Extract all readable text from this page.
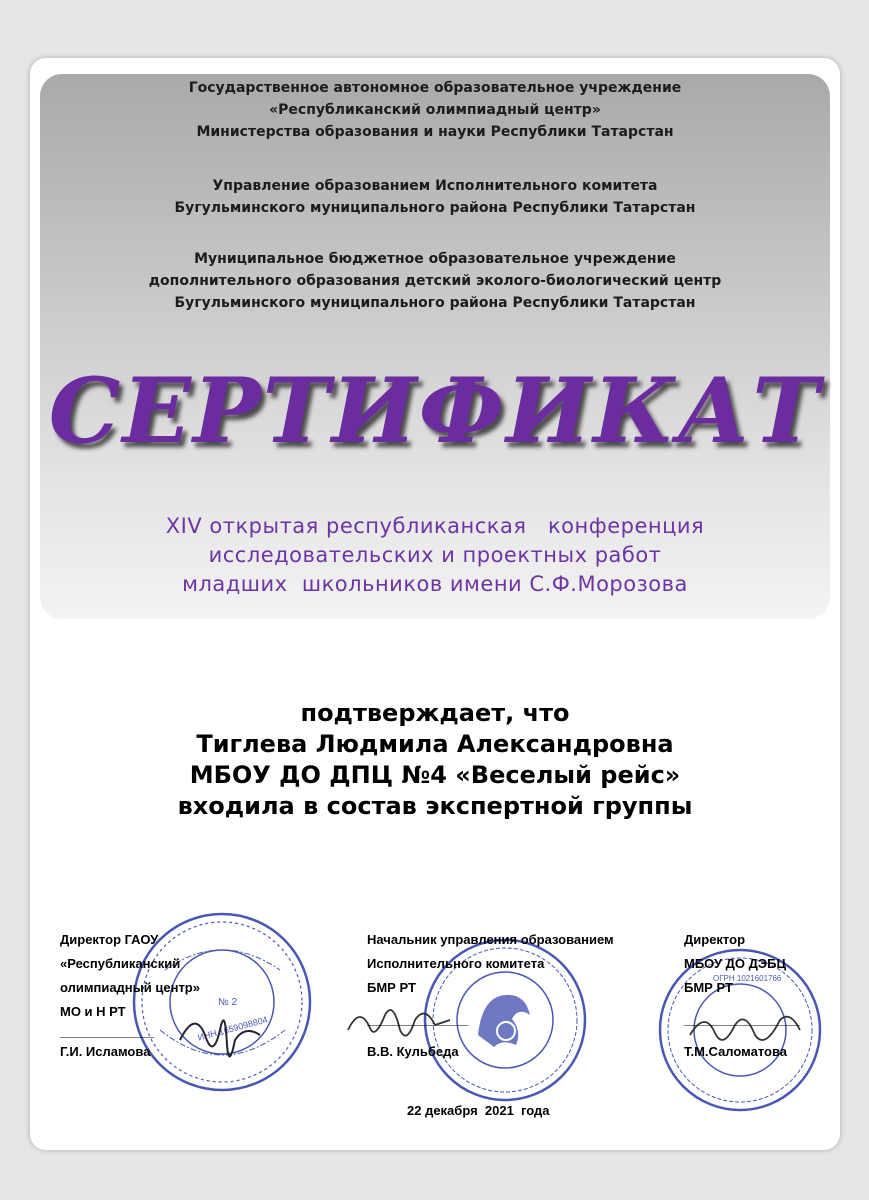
Государственное автономное образовательное учреждение
«Республиканский олимпиадный центр»
Министерства образования и науки Республики Татарстан
Управление образованием Исполнительного комитета
Бугульминского муниципального района Республики Татарстан
Муниципальное бюджетное образовательное учреждение
дополнительного образования детский эколого-биологический центр
Бугульминского муниципального района Республики Татарстан
СЕРТИФИКАТ
XIV открытая республиканская   конференция
исследовательских и проектных работ
младших  школьников имени С.Ф.Морозова
подтверждает, что
Тиглева Людмила Александровна
МБОУ ДО ДПЦ №4 «Веселый рейс»
входила в состав экспертной группы
ИНН 1659098804
№ 2
ОГРН 1021601766
Директор ГАОУ
«Республиканский
олимпиадный центр»
МО и Н РТ
_____________
Г.И. Исламова
Начальник управления образованием
Исполнительного комитета
БМР РТ
______________
В.В. Кульбеда
Директор
МБОУ ДО ДЭБЦ
БМР РТ
________________
Т.М.Саломатова
22 декабря  2021  года
